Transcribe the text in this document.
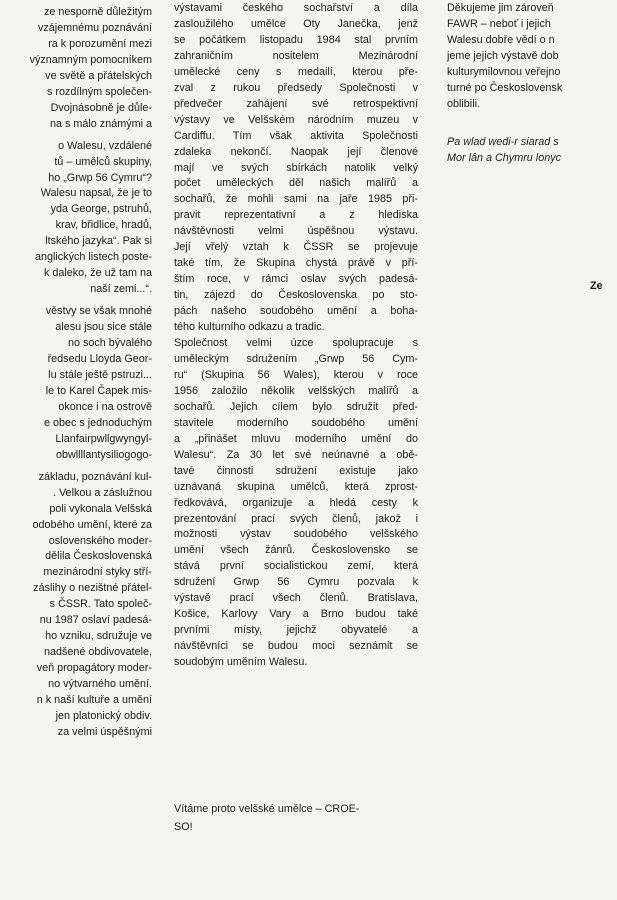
ze nesporně důležitým
vzájemnému poznávání
ra k porozumění mezi
významným pomocníkem
ve světě a přátelských
s rozdílným společen-
Dvojnásobně je důle-
na s málo známými a
o Walesu, vzdálené
tů – umělců skupiny,
ho „Grwp 56 Cymru“?
Walesu napsal, že je to
yda George, pstruhů,
krav, břidlice, hradů,
ltského jazyka“. Pak si
anglických listech poste-
k daleko, že už tam na
naší zemi...“.
věstvy se však mnohé
alesu jsou sice stále
no soch bývalého
ředsedu Lloyda Geor-
lu stále ještě pstruzi...
le to Karel Čapek mis-
okonce i na ostrově
e obec s jednoduchým
Llanfairpwllgwyngyl-
obwllllantysiliogogo-
základu, poznávání kul-
. Velkou a záslužnou
poli vykonala Velšská
odobého umění, které za
oslovenského moder-
dělila Československá
mezinárodní styky stří-
záslihy o nezištné přátel-
s ČSSR. Tato společ-
nu 1987 oslaví padesá-
ho vzniku, sdružuje ve
nadšené obdivovatele,
veň propagátory moder-
no výtvarného umění.
n k naší kultuře a umění
jen platonický obdiv.
za velmi úspěšnými
výstavami českého sochařství a díla
zasloužilého umělce Oty Janečka, jenž
se počátkem listopadu 1984 stal prvním
zahraničním nositelem Mezinárodní
umělecké ceny s medailí, kterou pře-
zval z rukou předsedy Společnosti v
předvečer zahájení své retrospektivní
výstavy ve Velšském národním muzeu v
Cardiffu. Tím však aktivita Společnosti
zdaleka nekončí. Naopak její členové
mají ve svých sbírkách natolik velký
počet uměleckých děl našich malířů a
sochařů, že mohli sami na jaře 1985 při-
pravit reprezentativní a z hlediska
návštěvnosti velmi úspěšnou výstavu.
Její vřelý vztah k ČSSR se projevuje
také tím, že Skupina chystá právě v pří-
štím roce, v rámci oslav svých padesá-
tin, zájezd do Československa po sto-
pách našeho soudobého umění a boha-
tého kulturního odkazu a tradic.
Společnost velmi úzce spolupracuje s
uměleckým sdružením „Grwp 56 Cym-
ru“ (Skupina 56 Wales), kterou v roce
1956 založilo několik velšských malířů a
sochařů. Jejich cílem bylo sdružit před-
stavitele moderního soudobého umění
a „přinášet mluvu moderního umění do
Walesu“. Za 30 let své neúnavné a obě-
tavé činnosti sdružení existuje jako
uznávaná skupina umělců, která zprost-
ředkovává, organizuje a hledá cesty k
prezentování prací svých členů, jakož i
možnosti výstav soudobého velšského
umění všech žánrů. Československo se
stává první socialistickou zemí, která
sdružení Grwp 56 Cymru pozvala k
výstavě prací všech členů. Bratislava,
Košice, Karlovy Vary a Brno budou také
prvními místy, jejichž obyvatelé a
návštěvníci se budou moci seznámit se
soudobým uměním Walesu.
Vítáme proto velšské umělce – CROE-
SO!
Děkujeme jim zároveň
FAWR – neboť i jejich
Walesu dobře vědí o n
jeme jejich výstavě dob
kulturymilovnou veřejno
turné po Československ
oblibili.
Pa wlad wedi-r siarad s
Mor lân a Chymru lonyc
Ze
